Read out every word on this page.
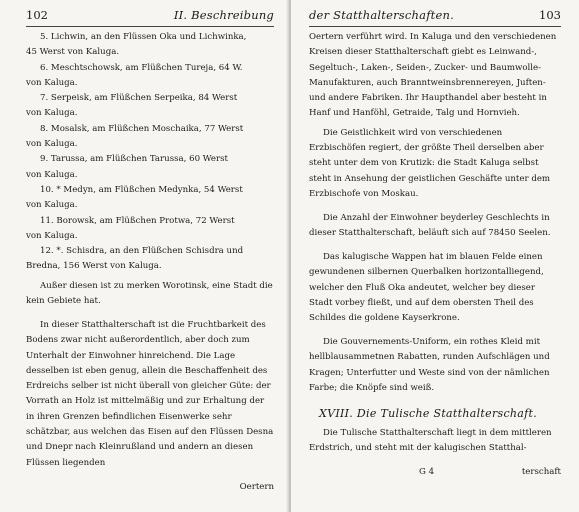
102	II. Beschreibung
5. Lichwin, an den Flüssen Oka und Lichwinka,
45 Werst von Kaluga.
6. Meschtschowsk, am Flüßchen Tureja, 64 W.
von Kaluga.
7. Serpeisk, am Flüßchen Serpeika, 84 Werst
von Kaluga.
8. Mosalsk, am Flüßchen Moschaika, 77 Werst
von Kaluga.
9. Tarussa, am Flüßchen Tarussa, 60 Werst
von Kaluga.
10. * Medyn, am Flüßchen Medynka, 54 Werst
von Kaluga.
11. Borowsk, am Flüßchen Protwa, 72 Werst
von Kaluga.
12. *. Schisdra, an den Flüßchen Schisdra und
Bredna, 156 Werst von Kaluga.

Außer diesen ist zu merken Worotinsk, eine Stadt die kein Gebiete hat.

In dieser Statthalterschaft ist die Fruchtbarkeit des Bodens zwar nicht außerordentlich, aber doch zum Unterhalt der Einwohner hinreichend. Die Lage desselben ist eben genug, allein die Beschaffenheit des Erdreichs selber ist nicht überall von gleicher Güte: der Vorrath an Holz ist mittelmäßig und zur Erhaltung der in ihren Grenzen befindlichen Eisenwerke sehr schätzbar, aus welchen das Eisen auf den Flüssen Desna und Dnepr nach Kleinrußland und andern an diesen Flüssen liegenden

Oertern
der Statthalterschaften.	103

Oertern verführt wird. In Kaluga und den verschiedenen Kreisen dieser Statthalterschaft giebt es Leinwand-, Segeltuch-, Laken-, Seiden-, Zucker- und Baumwolle-Manufakturen, auch Branntweinsbrennereyen, Juften- und andere Fabriken. Ihr Haupthandel aber besteht in Hanf und Hanföhl, Getraide, Talg und Hornvieh.

Die Geistlichkeit wird von verschiedenen Erzbischöfen regiert, der größte Theil derselben aber steht unter dem von Krutizk: die Stadt Kaluga selbst steht in Ansehung der geistlichen Geschäfte unter dem Erzbischofe von Moskau.

Die Anzahl der Einwohner beyderley Geschlechts in dieser Statthalterschaft, beläuft sich auf 78450 Seelen.

Das kalugische Wappen hat im blauen Felde einen gewundenen silbernen Querbalken horizontalliegend, welcher den Fluß Oka andeutet, welcher bey dieser Stadt vorbey fließt, und auf dem obersten Theil des Schildes die goldene Kayserkrone.

Die Gouvernements-Uniform, ein rothes Kleid mit hellblausammetnen Rabatten, runden Aufschlägen und Kragen; Unterfutter und Weste sind von der nämlichen Farbe; die Knöpfe sind weiß.

XVIII. Die Tulische Statthalterschaft.

Die Tulische Statthalterschaft liegt in dem mittleren Erdstrich, und steht mit der kalugischen Statthal-

G 4	terschaft
